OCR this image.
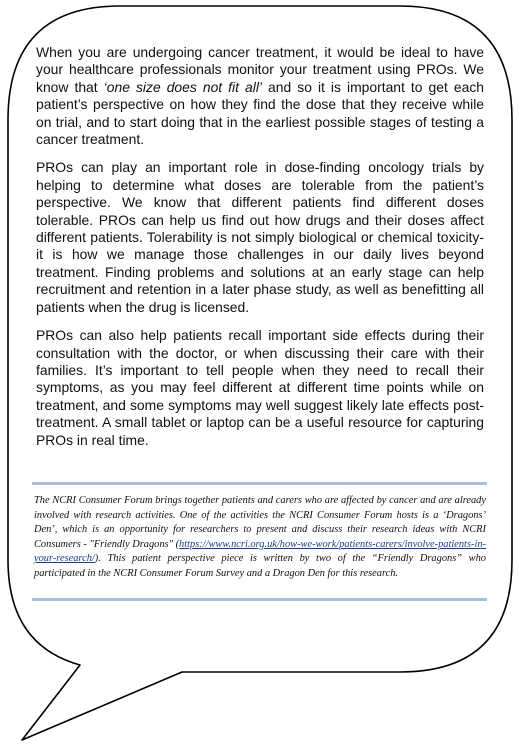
When you are undergoing cancer treatment, it would be ideal to have your healthcare professionals monitor your treatment using PROs. We know that ‘one size does not fit all’ and so it is important to get each patient’s perspective on how they find the dose that they receive while on trial, and to start doing that in the earliest possible stages of testing a cancer treatment.

PROs can play an important role in dose-finding oncology trials by helping to determine what doses are tolerable from the patient’s perspective. We know that different patients find different doses tolerable. PROs can help us find out how drugs and their doses affect different patients. Tolerability is not simply biological or chemical toxicity- it is how we manage those challenges in our daily lives beyond treatment. Finding problems and solutions at an early stage can help recruitment and retention in a later phase study, as well as benefitting all patients when the drug is licensed.

PROs can also help patients recall important side effects during their consultation with the doctor, or when discussing their care with their families. It’s important to tell people when they need to recall their symptoms, as you may feel different at different time points while on treatment, and some symptoms may well suggest likely late effects post-treatment. A small tablet or laptop can be a useful resource for capturing PROs in real time.

The NCRI Consumer Forum brings together patients and carers who are affected by cancer and are already involved with research activities. One of the activities the NCRI Consumer Forum hosts is a ‘Dragons’ Den’, which is an opportunity for researchers to present and discuss their research ideas with NCRI Consumers - "Friendly Dragons" (https://www.ncri.org.uk/how-we-work/patients-carers/involve-patients-in-your-research/). This patient perspective piece is written by two of the “Friendly Dragons” who participated in the NCRI Consumer Forum Survey and a Dragon Den for this research.
